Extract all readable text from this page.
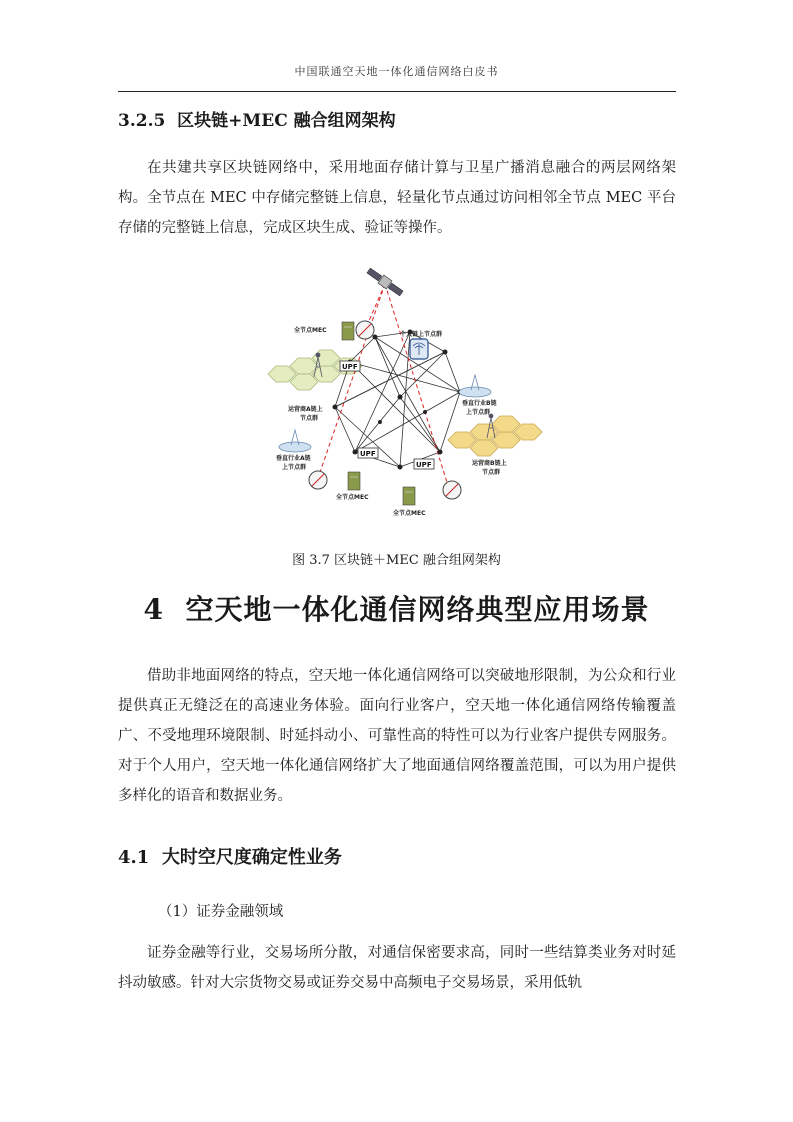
中国联通空天地一体化通信网络白皮书
3.2.5 区块链+MEC 融合组网架构

在共建共享区块链网络中，采用地面存储计算与卫星广播消息融合的两层网络架构。全节点在 MEC 中存储完整链上信息，轻量化节点通过访问相邻全节点 MEC 平台存储的完整链上信息，完成区块生成、验证等操作。

UPF
UPF
UPF
全节点MEC
个人链上节点群
运营商A链上
节点群
垂直行业A链
上节点群
垂直行业B链
上节点群
运营商B链上
节点群
全节点MEC
全节点MEC
图 3.7 区块链＋MEC 融合组网架构
4 空天地一体化通信网络典型应用场景

借助非地面网络的特点，空天地一体化通信网络可以突破地形限制，为公众和行业提供真正无缝泛在的高速业务体验。面向行业客户，空天地一体化通信网络传输覆盖广、不受地理环境限制、时延抖动小、可靠性高的特性可以为行业客户提供专网服务。对于个人用户，空天地一体化通信网络扩大了地面通信网络覆盖范围，可以为用户提供多样化的语音和数据业务。

4.1 大时空尺度确定性业务
（1）证券金融领域

证券金融等行业，交易场所分散，对通信保密要求高，同时一些结算类业务对时延抖动敏感。针对大宗货物交易或证券交易中高频电子交易场景，采用低轨
